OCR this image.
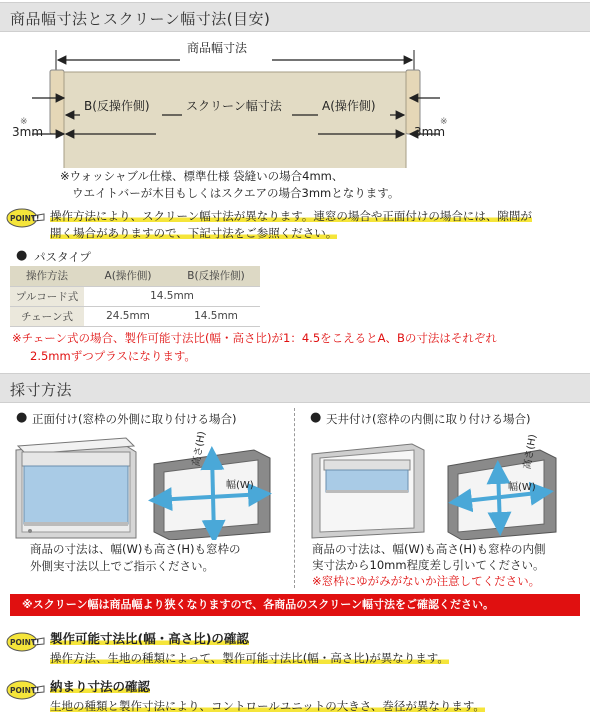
商品幅寸法とスクリーン幅寸法(目安)
商品幅寸法
B(反操作側)	スクリーン幅寸法	A(操作側)
※
3mm
※
3mm
※ウォッシャブル仕様、標準仕様 袋縫いの場合4mm、
ウエイトバーが木目もしくはスクエアの場合3mmとなります。
POINT! 操作方法により、スクリーン幅寸法が異なります。連窓の場合や正面付けの場合には、隙間が
開く場合がありますので、下記寸法をご参照ください。
● パスタイプ
操作方法	A(操作側)	B(反操作側)
プルコード式	14.5mm	
チェーン式	24.5mm	14.5mm
※チェーン式の場合、製作可能寸法比(幅・高さ比)が1：4.5をこえるとA、Bの寸法はそれぞれ
2.5mmずつプラスになります。
採寸方法
● 正面付け(窓枠の外側に取り付ける場合)	● 天井付け(窓枠の内側に取り付ける場合)
高さ(H)
幅(W)
高さ(H)
幅(W)
商品の寸法は、幅(W)も高さ(H)も窓枠の
外側実寸法以上でご指示ください。
商品の寸法は、幅(W)も高さ(H)も窓枠の内側
実寸法から10mm程度差し引いてください。
※窓枠にゆがみがないか注意してください。
※スクリーン幅は商品幅より狭くなりますので、各商品のスクリーン幅寸法をご確認ください。
POINT! 製作可能寸法比(幅・高さ比)の確認
操作方法、生地の種類によって、製作可能寸法比(幅・高さ比)が異なります。
POINT! 納まり寸法の確認
生地の種類と製作寸法により、コントロールユニットの大きさ、巻径が異なります。
